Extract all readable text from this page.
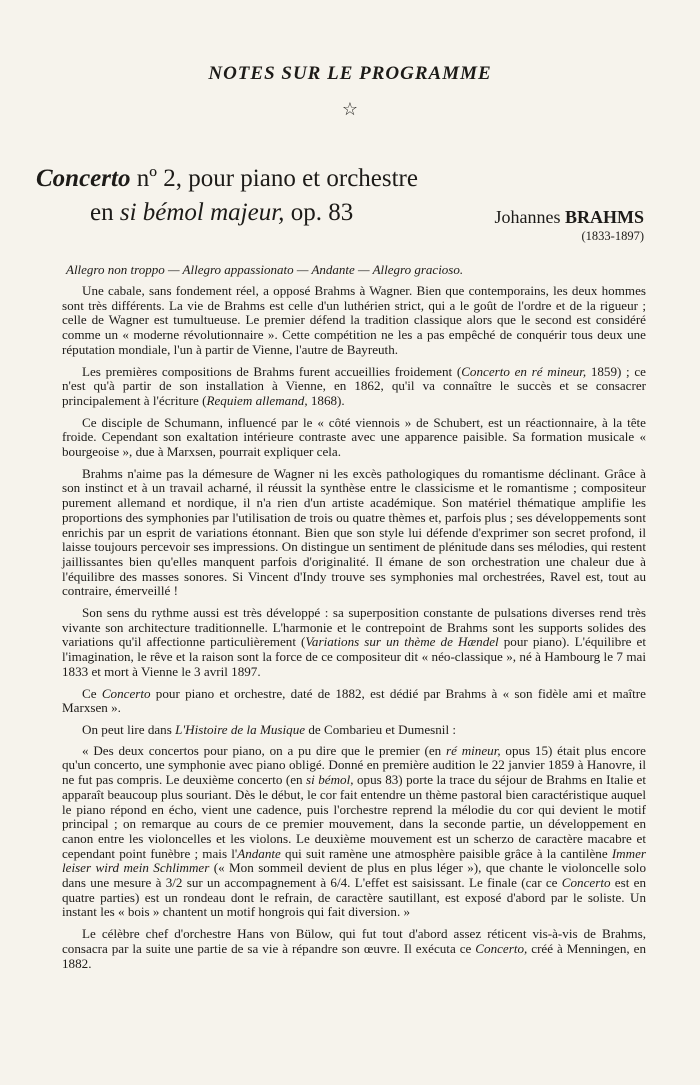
NOTES SUR LE PROGRAMME
☆
Concerto nº 2, pour piano et orchestre
en si bémol majeur, op. 83	Johannes BRAHMS
(1833-1897)
Allegro non troppo — Allegro appassionato — Andante — Allegro gracioso.

Une cabale, sans fondement réel, a opposé Brahms à Wagner. Bien que contemporains, les deux hommes sont très différents. La vie de Brahms est celle d'un luthérien strict, qui a le goût de l'ordre et de la rigueur ; celle de Wagner est tumultueuse. Le premier défend la tradition classique alors que le second est considéré comme un « moderne révolutionnaire ». Cette compétition ne les a pas empêché de conquérir tous deux une réputation mondiale, l'un à partir de Vienne, l'autre de Bayreuth.

Les premières compositions de Brahms furent accueillies froidement (Concerto en ré mineur, 1859) ; ce n'est qu'à partir de son installation à Vienne, en 1862, qu'il va connaître le succès et se consacrer principalement à l'écriture (Requiem allemand, 1868).

Ce disciple de Schumann, influencé par le « côté viennois » de Schubert, est un réactionnaire, à la tête froide. Cependant son exaltation intérieure contraste avec une apparence paisible. Sa formation musicale « bourgeoise », due à Marxsen, pourrait expliquer cela.

Brahms n'aime pas la démesure de Wagner ni les excès pathologiques du romantisme déclinant. Grâce à son instinct et à un travail acharné, il réussit la synthèse entre le classicisme et le romantisme ; compositeur purement allemand et nordique, il n'a rien d'un artiste académique. Son matériel thématique amplifie les proportions des symphonies par l'utilisation de trois ou quatre thèmes et, parfois plus ; ses développements sont enrichis par un esprit de variations étonnant. Bien que son style lui défende d'exprimer son secret profond, il laisse toujours percevoir ses impressions. On distingue un sentiment de plénitude dans ses mélodies, qui restent jaillissantes bien qu'elles manquent parfois d'originalité. Il émane de son orchestration une chaleur due à l'équilibre des masses sonores. Si Vincent d'Indy trouve ses symphonies mal orchestrées, Ravel est, tout au contraire, émerveillé !

Son sens du rythme aussi est très développé : sa superposition constante de pulsations diverses rend très vivante son architecture traditionnelle. L'harmonie et le contrepoint de Brahms sont les supports solides des variations qu'il affectionne particulièrement (Variations sur un thème de Hændel pour piano). L'équilibre et l'imagination, le rêve et la raison sont la force de ce compositeur dit « néo-classique », né à Hambourg le 7 mai 1833 et mort à Vienne le 3 avril 1897.

Ce Concerto pour piano et orchestre, daté de 1882, est dédié par Brahms à « son fidèle ami et maître Marxsen ».

On peut lire dans L'Histoire de la Musique de Combarieu et Dumesnil :

« Des deux concertos pour piano, on a pu dire que le premier (en ré mineur, opus 15) était plus encore qu'un concerto, une symphonie avec piano obligé. Donné en première audition le 22 janvier 1859 à Hanovre, il ne fut pas compris. Le deuxième concerto (en si bémol, opus 83) porte la trace du séjour de Brahms en Italie et apparaît beaucoup plus souriant. Dès le début, le cor fait entendre un thème pastoral bien caractéristique auquel le piano répond en écho, vient une cadence, puis l'orchestre reprend la mélodie du cor qui devient le motif principal ; on remarque au cours de ce premier mouvement, dans la seconde partie, un développement en canon entre les violoncelles et les violons. Le deuxième mouvement est un scherzo de caractère macabre et cependant point funèbre ; mais l'Andante qui suit ramène une atmosphère paisible grâce à la cantilène Immer leiser wird mein Schlimmer (« Mon sommeil devient de plus en plus léger »), que chante le violoncelle solo dans une mesure à 3/2 sur un accompagnement à 6/4. L'effet est saisissant. Le finale (car ce Concerto est en quatre parties) est un rondeau dont le refrain, de caractère sautillant, est exposé d'abord par le soliste. Un instant les « bois » chantent un motif hongrois qui fait diversion. »

Le célèbre chef d'orchestre Hans von Bülow, qui fut tout d'abord assez réticent vis-à-vis de Brahms, consacra par la suite une partie de sa vie à répandre son œuvre. Il exécuta ce Concerto, créé à Menningen, en 1882.
